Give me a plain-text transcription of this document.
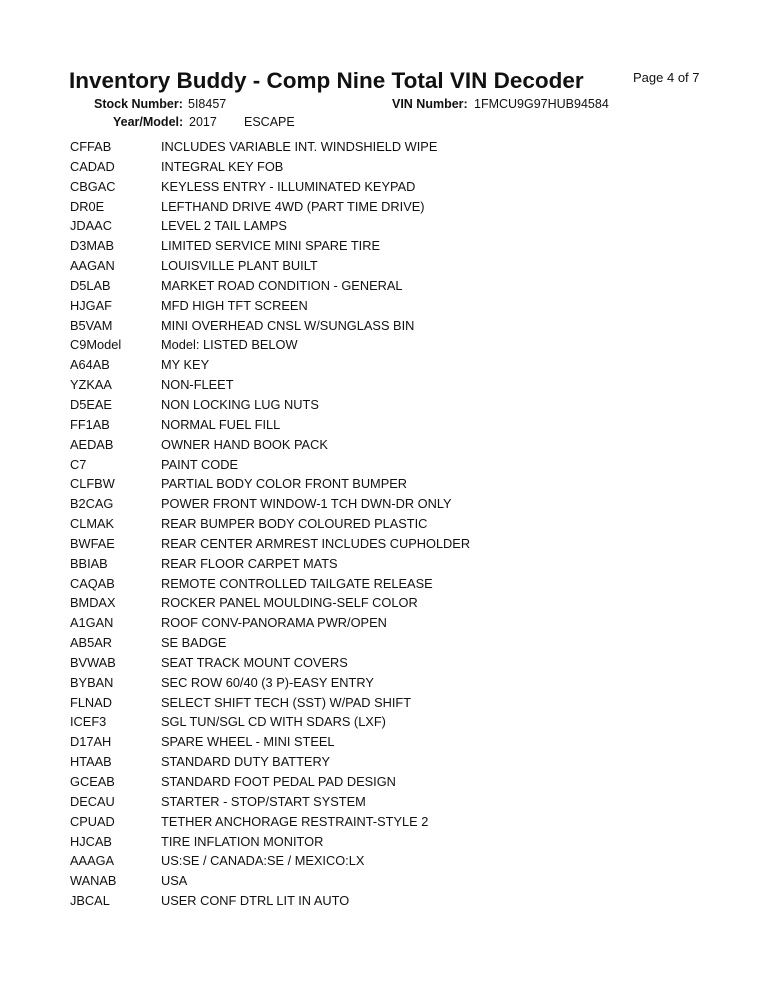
Inventory Buddy - Comp Nine Total VIN Decoder	Page 4 of 7
Stock Number: 5I8457	VIN Number: 1FMCU9G97HUB94584
Year/Model: 2017 ESCAPE
CFFAB	INCLUDES VARIABLE INT. WINDSHIELD WIPE
CADAD	INTEGRAL KEY FOB
CBGAC	KEYLESS ENTRY - ILLUMINATED KEYPAD
DR0E	LEFTHAND DRIVE 4WD (PART TIME DRIVE)
JDAAC	LEVEL 2 TAIL LAMPS
D3MAB	LIMITED SERVICE MINI SPARE TIRE
AAGAN	LOUISVILLE PLANT BUILT
D5LAB	MARKET ROAD CONDITION - GENERAL
HJGAF	MFD HIGH TFT SCREEN
B5VAM	MINI OVERHEAD CNSL W/SUNGLASS BIN
C9Model	Model: LISTED BELOW
A64AB	MY KEY
YZKAA	NON-FLEET
D5EAE	NON LOCKING LUG NUTS
FF1AB	NORMAL FUEL FILL
AEDAB	OWNER HAND BOOK PACK
C7	PAINT CODE
CLFBW	PARTIAL BODY COLOR FRONT BUMPER
B2CAG	POWER FRONT WINDOW-1 TCH DWN-DR ONLY
CLMAK	REAR BUMPER BODY COLOURED PLASTIC
BWFAE	REAR CENTER ARMREST INCLUDES CUPHOLDER
BBIAB	REAR FLOOR CARPET MATS
CAQAB	REMOTE CONTROLLED TAILGATE RELEASE
BMDAX	ROCKER PANEL MOULDING-SELF COLOR
A1GAN	ROOF CONV-PANORAMA PWR/OPEN
AB5AR	SE BADGE
BVWAB	SEAT TRACK MOUNT COVERS
BYBAN	SEC ROW 60/40 (3 P)-EASY ENTRY
FLNAD	SELECT SHIFT TECH (SST) W/PAD SHIFT
ICEF3	SGL TUN/SGL CD WITH SDARS (LXF)
D17AH	SPARE WHEEL - MINI STEEL
HTAAB	STANDARD DUTY BATTERY
GCEAB	STANDARD FOOT PEDAL PAD DESIGN
DECAU	STARTER - STOP/START SYSTEM
CPUAD	TETHER ANCHORAGE RESTRAINT-STYLE 2
HJCAB	TIRE INFLATION MONITOR
AAAGA	US:SE / CANADA:SE / MEXICO:LX
WANAB	USA
JBCAL	USER CONF DTRL LIT IN AUTO
